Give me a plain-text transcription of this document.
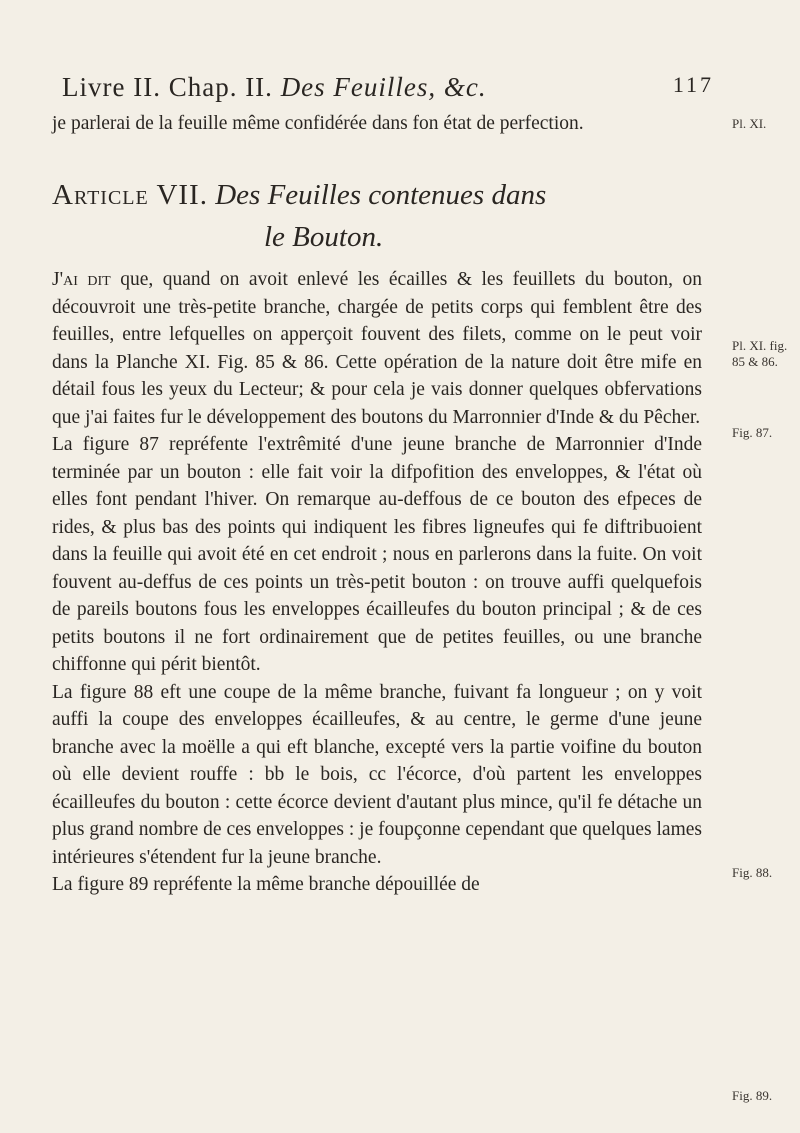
Livre II. Chap. II. Des Feuilles, &c.	117

je parlerai de la feuille même confidérée dans fon état de perfection.

Article VII. Des Feuilles contenues dans
le Bouton.

J'ai dit que, quand on avoit enlevé les écailles & les feuillets du bouton, on découvroit une très-petite branche, chargée de petits corps qui femblent être des feuilles, entre lefquelles on apperçoit fouvent des filets, comme on le peut voir dans la Planche XI. Fig. 85 & 86. Cette opération de la nature doit être mife en détail fous les yeux du Lecteur; & pour cela je vais donner quelques obfervations que j'ai faites fur le développement des boutons du Marronnier d'Inde & du Pêcher.

La figure 87 repréfente l'extrêmité d'une jeune branche de Marronnier d'Inde terminée par un bouton : elle fait voir la difpofition des enveloppes, & l'état où elles font pendant l'hiver. On remarque au-deffous de ce bouton des efpeces de rides, & plus bas des points qui indiquent les fibres ligneufes qui fe diftribuoient dans la feuille qui avoit été en cet endroit ; nous en parlerons dans la fuite. On voit fouvent au-deffus de ces points un très-petit bouton : on trouve auffi quelquefois de pareils boutons fous les enveloppes écailleufes du bouton principal ; & de ces petits boutons il ne fort ordinairement que de petites feuilles, ou une branche chiffonne qui périt bientôt.

La figure 88 eft une coupe de la même branche, fuivant fa longueur ; on y voit auffi la coupe des enveloppes écailleufes, & au centre, le germe d'une jeune branche avec la moëlle a qui eft blanche, excepté vers la partie voifine du bouton où elle devient rouffe : bb le bois, cc l'écorce, d'où partent les enveloppes écailleufes du bouton : cette écorce devient d'autant plus mince, qu'il fe détache un plus grand nombre de ces enveloppes : je foupçonne cependant que quelques lames intérieures s'étendent fur la jeune branche.

La figure 89 repréfente la même branche dépouillée de

Pl. XI.
Pl. XI. fig. 85 & 86.
Fig. 87.
Fig. 88.
Fig. 89.
